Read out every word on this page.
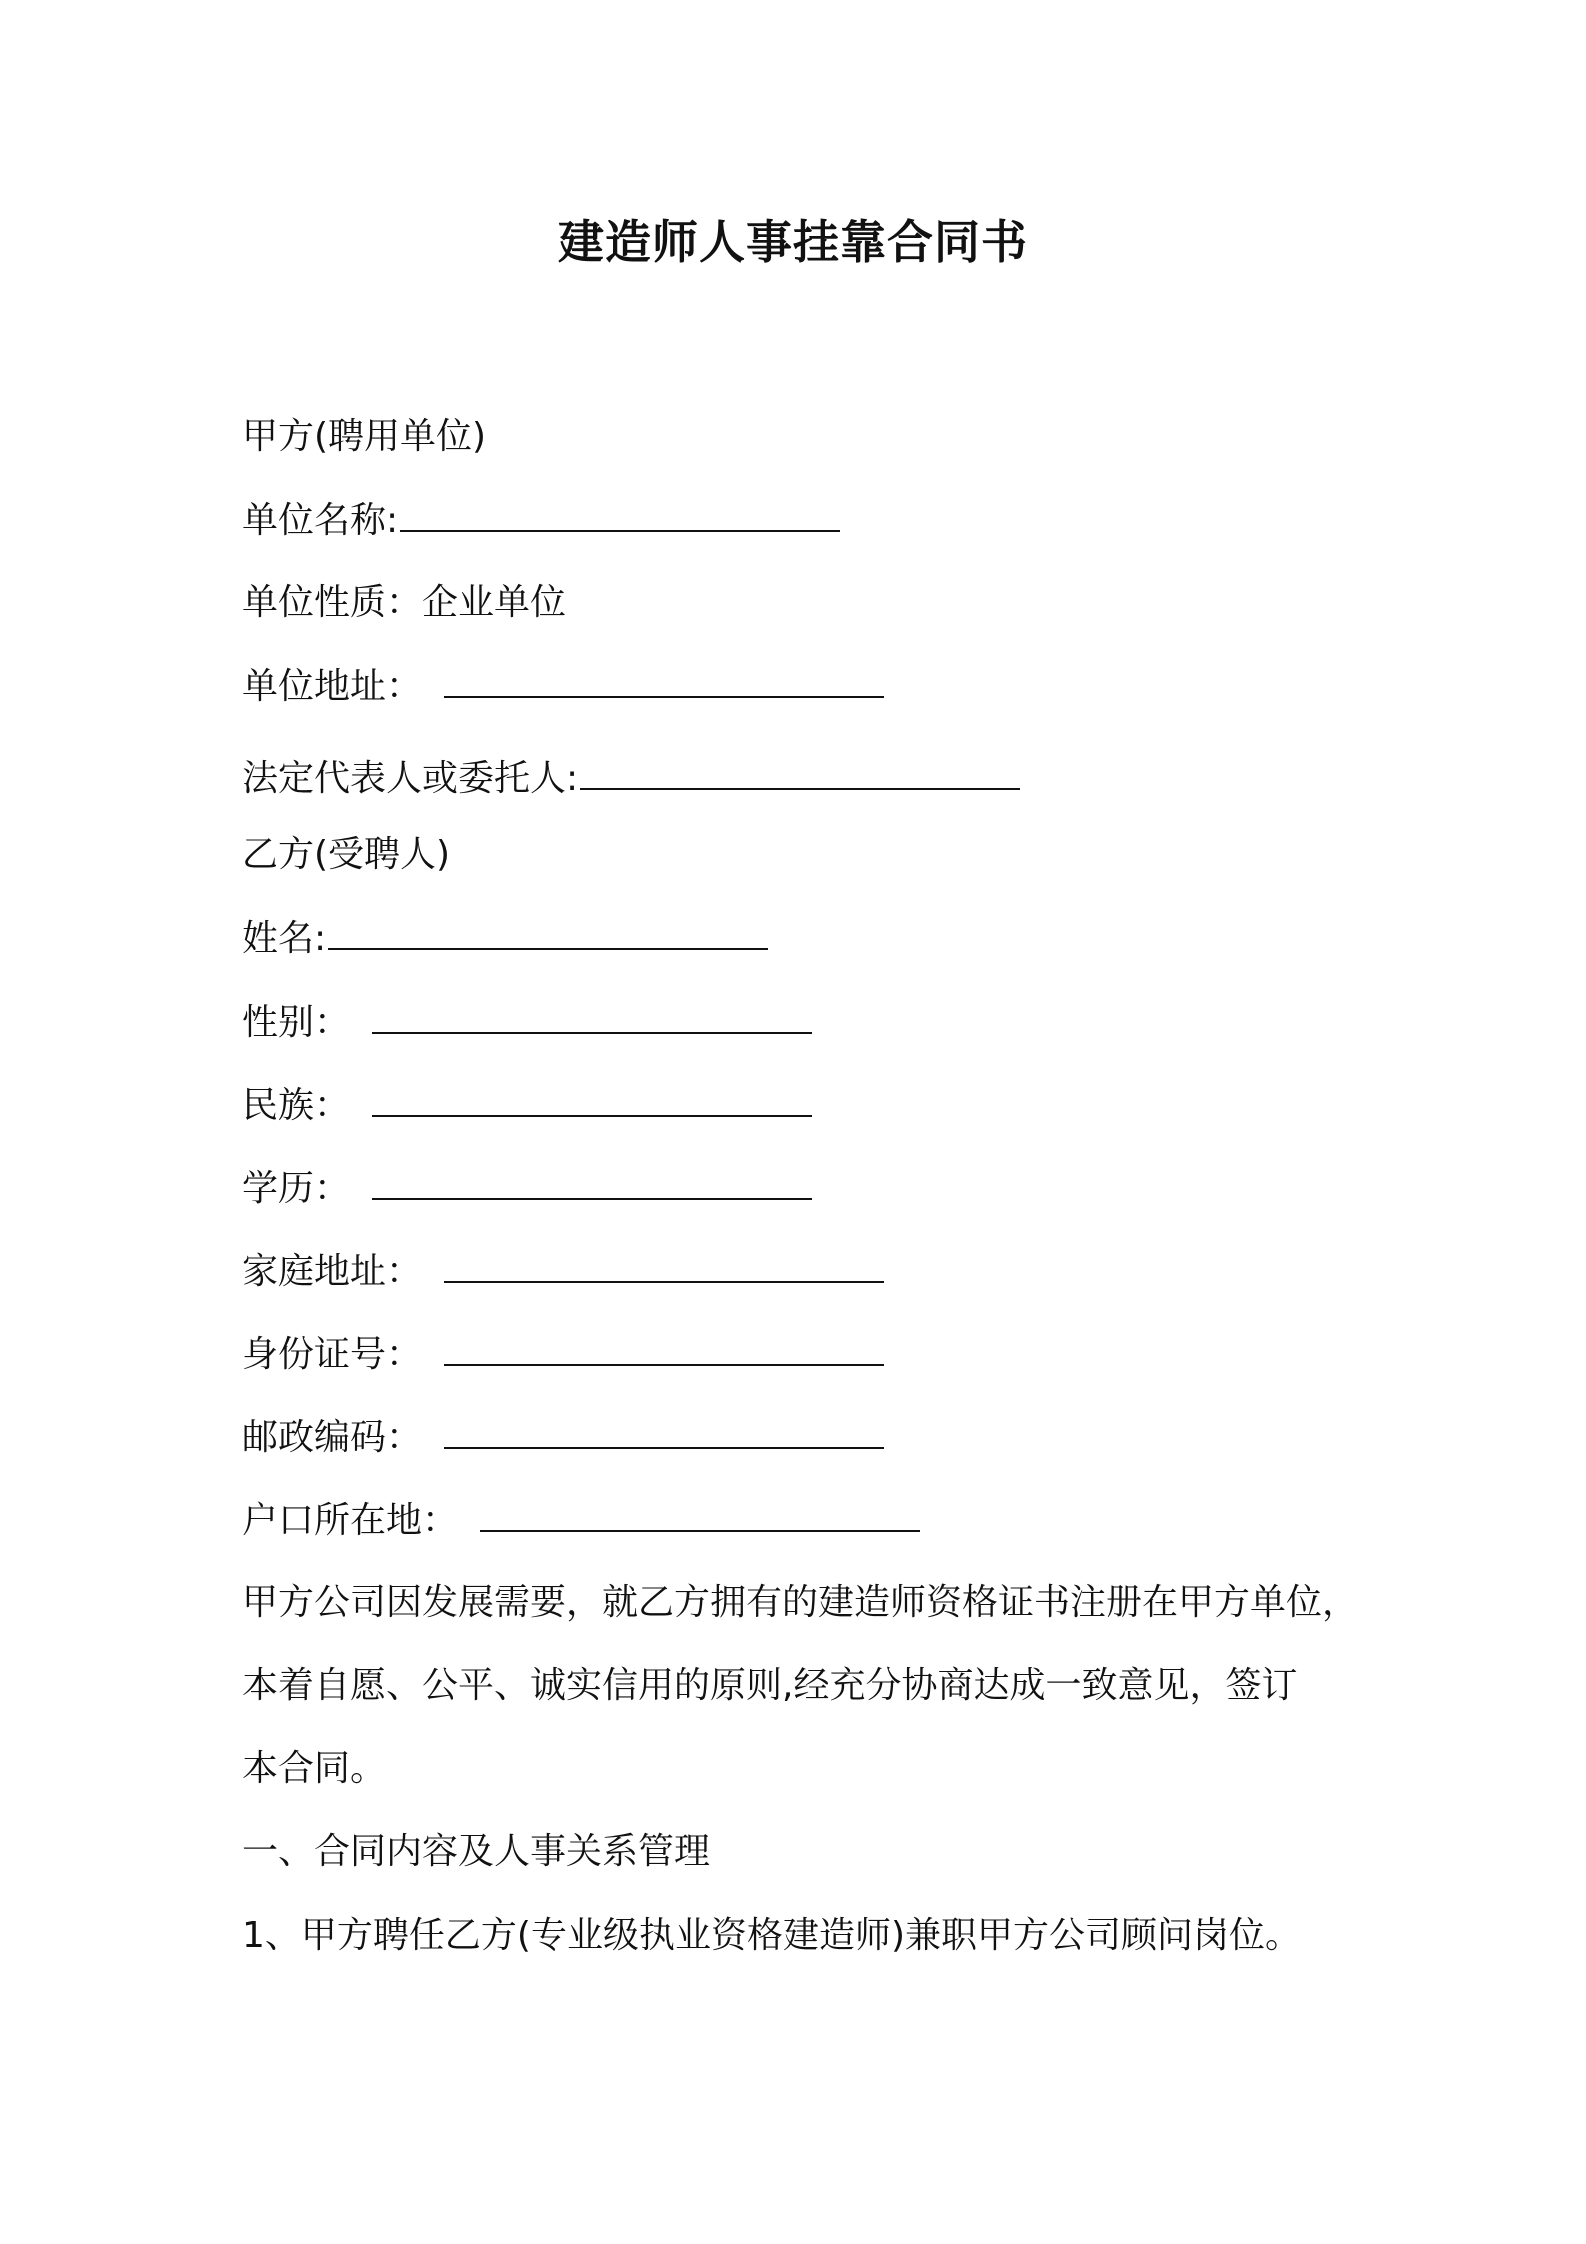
建造师人事挂靠合同书
甲方(聘用单位)
单位名称:
单位性质：企业单位
单位地址：
法定代表人或委托人:
乙方(受聘人)
姓名:
性别：
民族：
学历：
家庭地址：
身份证号：
邮政编码：
户口所在地：
甲方公司因发展需要，就乙方拥有的建造师资格证书注册在甲方单位，
本着自愿、公平、诚实信用的原则,经充分协商达成一致意见，签订
本合同。
一、合同内容及人事关系管理
1、甲方聘任乙方(专业级执业资格建造师)兼职甲方公司顾问岗位。
